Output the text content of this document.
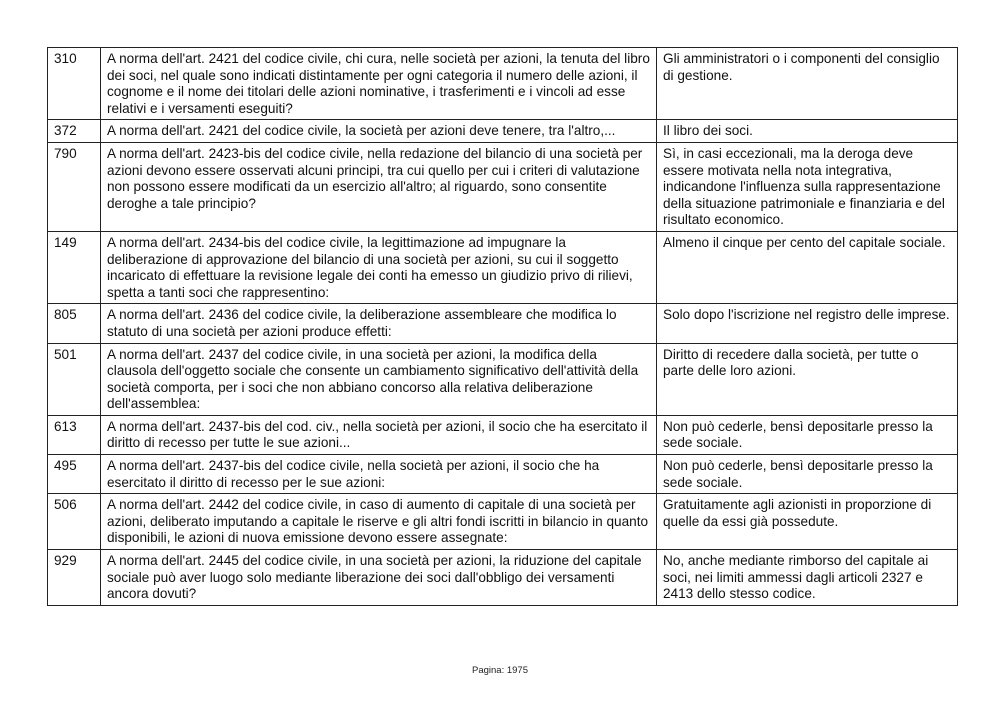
310	A norma dell'art. 2421 del codice civile, chi cura, nelle società per azioni, la tenuta del libro dei soci, nel quale sono indicati distintamente per ogni categoria il numero delle azioni, il cognome e il nome dei titolari delle azioni nominative, i trasferimenti e i vincoli ad esse relativi e i versamenti eseguiti?	Gli amministratori o i componenti del consiglio di gestione.
372	A norma dell'art. 2421 del codice civile, la società per azioni deve tenere, tra l'altro,...	Il libro dei soci.
790	A norma dell'art. 2423-bis del codice civile, nella redazione del bilancio di una società per azioni devono essere osservati alcuni principi, tra cui quello per cui i criteri di valutazione non possono essere modificati da un esercizio all'altro; al riguardo, sono consentite deroghe a tale principio?	Sì, in casi eccezionali, ma la deroga deve essere motivata nella nota integrativa, indicandone l'influenza sulla rappresentazione della situazione patrimoniale e finanziaria e del risultato economico.
149	A norma dell'art. 2434-bis del codice civile, la legittimazione ad impugnare la deliberazione di approvazione del bilancio di una società per azioni, su cui il soggetto incaricato di effettuare la revisione legale dei conti ha emesso un giudizio privo di rilievi, spetta a tanti soci che rappresentino:	Almeno il cinque per cento del capitale sociale.
805	A norma dell'art. 2436 del codice civile, la deliberazione assembleare che modifica lo statuto di una società per azioni produce effetti:	Solo dopo l'iscrizione nel registro delle imprese.
501	A norma dell'art. 2437 del codice civile, in una società per azioni, la modifica della clausola dell'oggetto sociale che consente un cambiamento significativo dell'attività della società comporta, per i soci che non abbiano concorso alla relativa deliberazione dell'assemblea:	Diritto di recedere dalla società, per tutte o parte delle loro azioni.
613	A norma dell'art. 2437-bis del cod. civ., nella società per azioni, il socio che ha esercitato il diritto di recesso per tutte le sue azioni...	Non può cederle, bensì depositarle presso la sede sociale.
495	A norma dell'art. 2437-bis del codice civile, nella società per azioni, il socio che ha esercitato il diritto di recesso per le sue azioni:	Non può cederle, bensì depositarle presso la sede sociale.
506	A norma dell'art. 2442 del codice civile, in caso di aumento di capitale di una società per azioni, deliberato imputando a capitale le riserve e gli altri fondi iscritti in bilancio in quanto disponibili, le azioni di nuova emissione devono essere assegnate:	Gratuitamente agli azionisti in proporzione di quelle da essi già possedute.
929	A norma dell'art. 2445 del codice civile, in una società per azioni, la riduzione del capitale sociale può aver luogo solo mediante liberazione dei soci dall'obbligo dei versamenti ancora dovuti?	No, anche mediante rimborso del capitale ai soci, nei limiti ammessi dagli articoli 2327 e 2413 dello stesso codice.
Pagina: 1975
